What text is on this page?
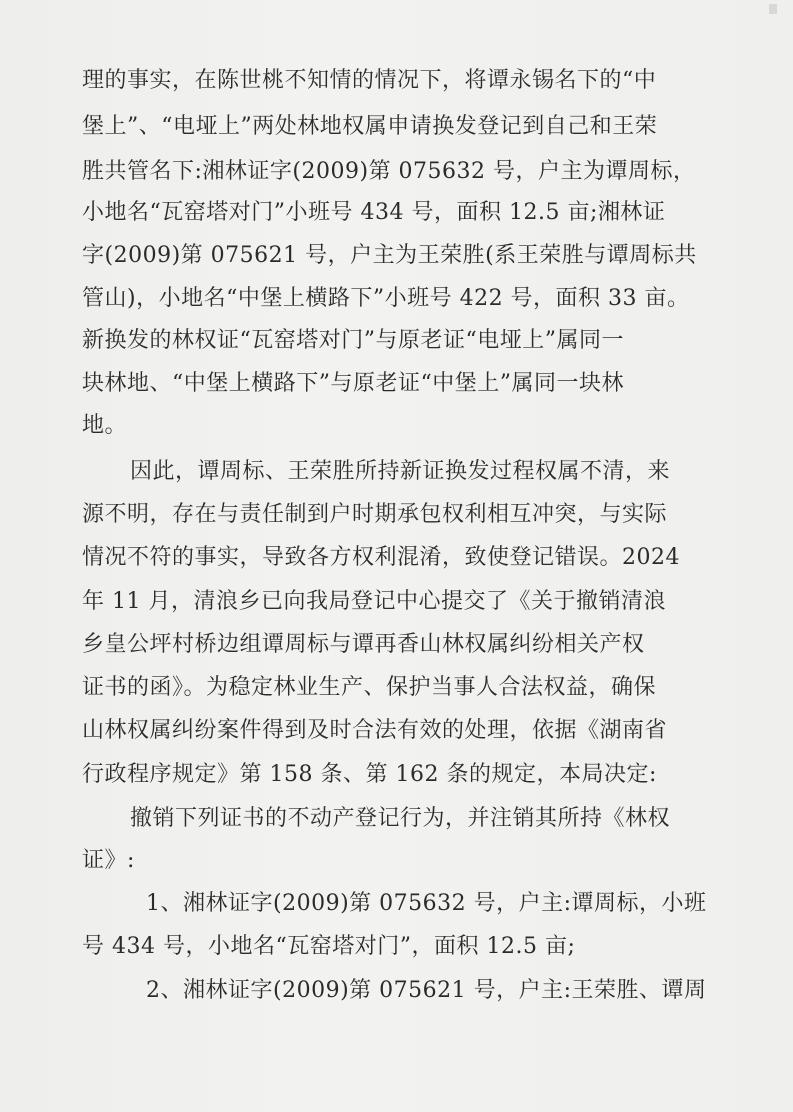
理的事实，在陈世桃不知情的情况下，将谭永锡名下的“中
堡上”、“电垭上”两处林地权属申请换发登记到自己和王荣
胜共管名下:湘林证字(2009)第 075632 号，户主为谭周标，
小地名“瓦窑塔对门”小班号 434 号，面积 12.5 亩;湘林证
字(2009)第 075621 号，户主为王荣胜(系王荣胜与谭周标共
管山)，小地名“中堡上横路下”小班号 422 号，面积 33 亩。
新换发的林权证“瓦窑塔对门”与原老证“电垭上”属同一
块林地、“中堡上横路下”与原老证“中堡上”属同一块林
地。
因此，谭周标、王荣胜所持新证换发过程权属不清，来
源不明，存在与责任制到户时期承包权利相互冲突，与实际
情况不符的事实，导致各方权利混淆，致使登记错误。2024
年 11 月，清浪乡已向我局登记中心提交了《关于撤销清浪
乡皇公坪村桥边组谭周标与谭再香山林权属纠纷相关产权
证书的函》。为稳定林业生产、保护当事人合法权益，确保
山林权属纠纷案件得到及时合法有效的处理，依据《湖南省
行政程序规定》第 158 条、第 162 条的规定，本局决定:
撤销下列证书的不动产登记行为，并注销其所持《林权
证》:
1、湘林证字(2009)第 075632 号，户主:谭周标，小班
号 434 号，小地名“瓦窑塔对门”，面积 12.5 亩;
2、湘林证字(2009)第 075621 号，户主:王荣胜、谭周
